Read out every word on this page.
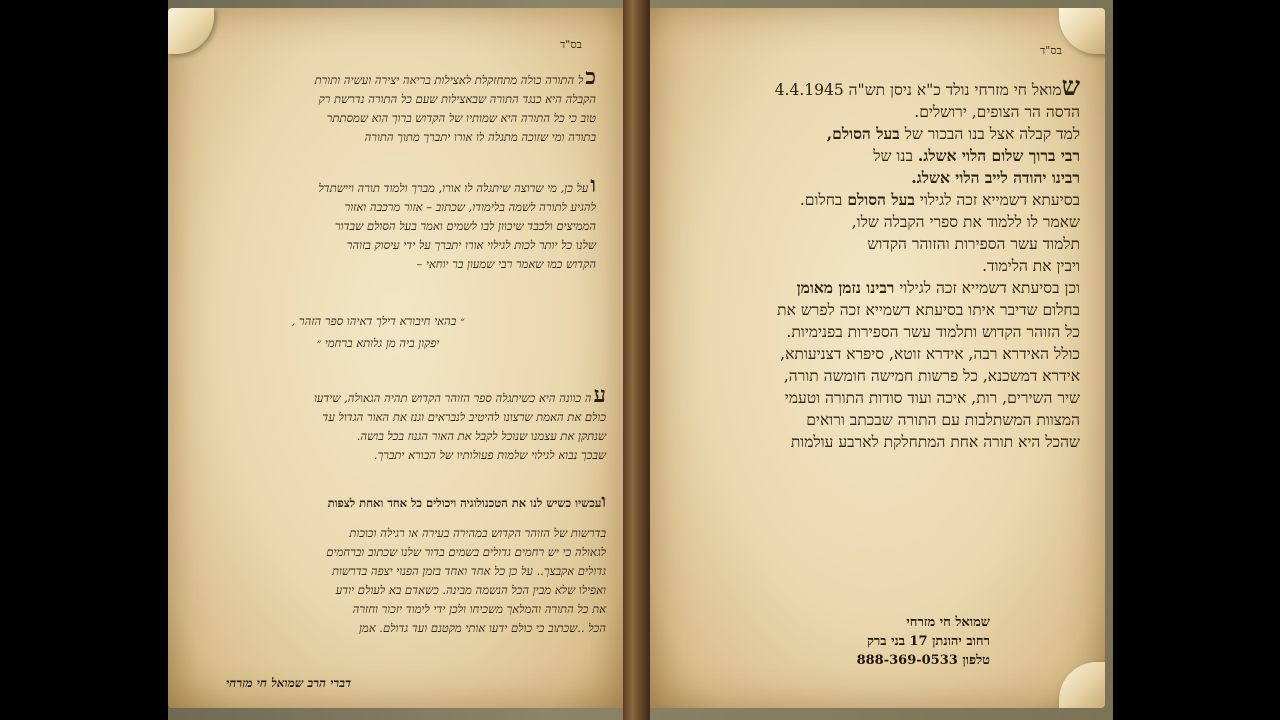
בס"ד
כל התורה כולה מתחזקלת לאצילות בריאה יצירה ועשיה ותורת
הקבלה היא כנגד התורה שבאצילות שעם כל התורה נדרשת רק
טוב כי כל התורה היא שמותיו של הקדוש ברוך הוא שמסתתר
בתורה ומי שזוכה מתגלה לו אורו יתברך מתוך התורה
ועל כן, מי שרוצה שיתגלה לו אורו, מברך ולמוד תורה ויישתדל
להגיע לתורה לשמה בלימודו, שכתוב – אזור מרכבה ואזור
הממיצים ולכבד שיכוון לבו לשמים ואמר בעל הסולם שבדור
שלנו כל יותר לכות לגילוי אורו יתברך על ידי עיסוק בזוהר
הקדוש כמו שאמר רבי שמעון בר יוחאי –
״ בהאי חיבורא דילך דאיהו ספר הזהר ,
יפקון ביה מן גלותא ברחמי ״
עה כוונה היא כשיתגלה ספר הזוהר הקדוש תהיה הגאולה, שידעו
כולם את האמת שרצונו להיטיב לנבראים וגנז את האור הגדול עד
שנתקן את עצמנו שנוכל לקבל את האור הגנוז בכל בושה.
שבכך נבוא לגילוי שלמות פעולותיו של הבורא יתברך.
ועכשיו כשיש לנו את הטכנולוגיה ויכולים כל אחד ואחת לצפות
בדרשות של הזוהר הקדוש במהירה בעירה או רגילה וכוכות
לגאולה כי יש רחמים גדולים בשמים בדור שלנו שכתוב וברחמים
גדולים אקבצך.. על כן כל אחד ואחד בזמן הפנוי יצפה בדרשות
ואפילו שלא מבין הכל הנשמה מבינה. כשאדם בא לעולם יודע
את כל התורה והמלאך משכיחו ולכן ידי לימוד יזכור וחזרה
הכל ..שכתוב כי כולם ידעו אותי מקטנם ועד גדולם. אמן
דברי הרב שמואל חי מזרחי
בס"ד
שמואל חי מזרחי נולד כ"א ניסן תש"ה 4.4.1945
הדסה הר הצופים, ירושלים.
למד קבלה אצל בנו הבכור של בעל הסולם,
רבי ברוך שלום הלוי אשלג. בנו של
רבינו יהודה לייב הלוי אשלג.
בסיעתא דשמייא זכה לגילוי בעל הסולם בחלום.
שאמר לו ללמוד את ספרי הקבלה שלו,
תלמוד עשר הספירות והזוהר הקדוש
ויבין את הלימוד.
וכן בסיעתא דשמייא זכה לגילוי רבינו נזמן מאומן
בחלום שדיבר איתו בסיעתא דשמייא זכה לפרש את
כל הזוהר הקדוש ותלמוד עשר הספירות בפנימיות.
כולל האידרא רבה, אידרא זוטא, סיפרא דצניעותא,
אידרא דמשכנא, כל פרשות חמישה חומשה תורה,
שיר השירים, רות, איכה ועוד סודות התורה וטעמי
המצוות המשתלבות עם התורה שבכתב ורואים
שהכל היא תורה אחת המתחלקת לארבע עולמות
שמואל חי מזרחי
רחוב יהונתן 17 בני ברק
טלפון 888-369-0533
